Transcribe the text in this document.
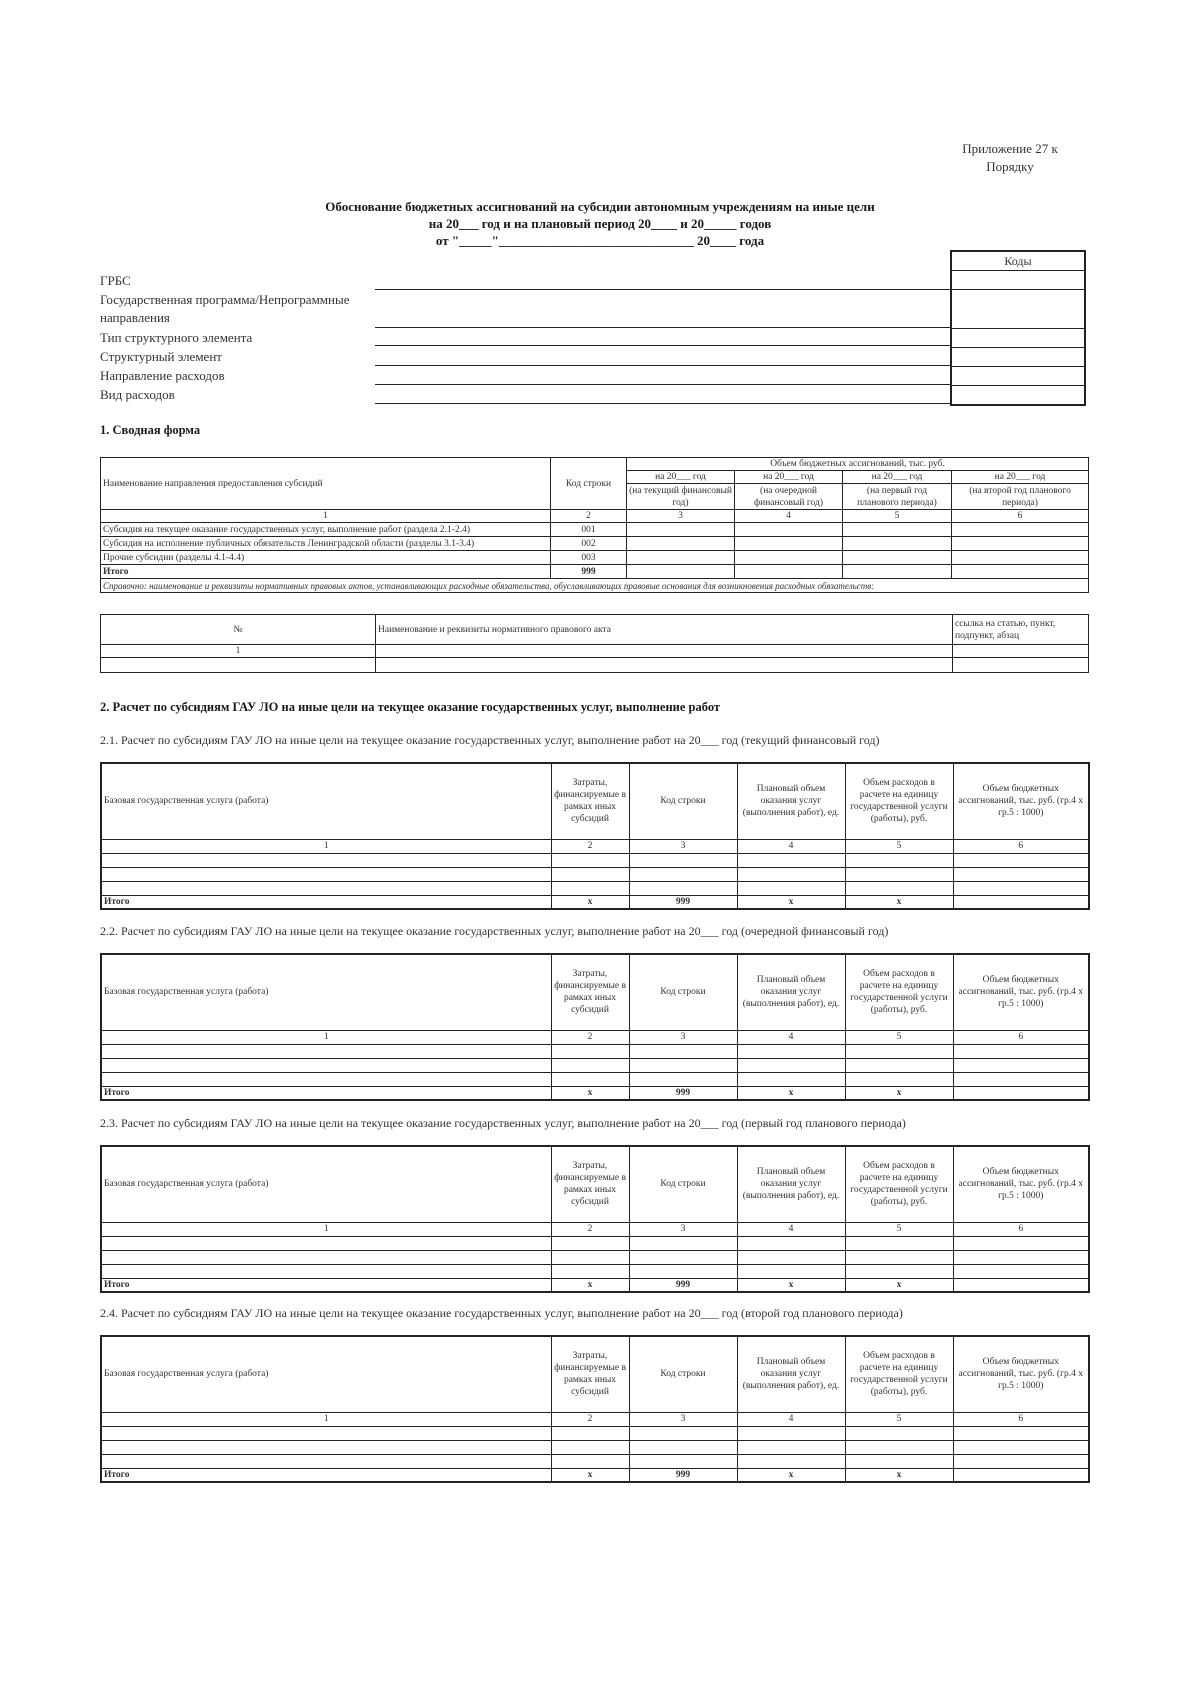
Приложение 27 к
Порядку
Обоснование бюджетных ассигнований на субсидии автономным учреждениям на иные цели
на 20___ год и на плановый период 20____ и 20_____ годов
от "_____"______________________________ 20____ года
ГРБС
Государственная программа/Непрограммные направления
Тип структурного элемента
Структурный элемент
Направление расходов
Вид расходов
Коды

1. Сводная форма
Наименование направления предоставления субсидий	Код строки	Объем бюджетных ассигнований, тыс. руб.			
		на 20___ год	на 20___ год	на 20___ год	на 20___ год
		(на текущий финансовый год)	(на очередной финансовый год)	(на первый год планового периода)	(на второй год планового периода)
1	2	3	4	5	6
Субсидия на текущее оказание государственных услуг, выполнение работ (раздела 2.1-2.4)	001				
Субсидия на исполнение публичных обязательств Ленинградской области (разделы 3.1-3.4)	002				
Прочие субсидии (разделы 4.1-4.4)	003				
Итого	999				
Справочно: наименование и реквизиты нормативных правовых актов, устанавливающих расходные обязательства, обуславливающих правовые основания для возникновения расходных обязательств:					
№	Наименование и реквизиты нормативного правового акта	ссылка на статью, пункт, подпункт, абзац
1		

2. Расчет по субсидиям ГАУ ЛО на иные цели на текущее оказание государственных услуг, выполнение работ
2.1. Расчет по субсидиям ГАУ ЛО на иные цели на текущее оказание государственных услуг, выполнение работ на 20___ год (текущий финансовый год)
Базовая государственная услуга (работа)	Затраты, финансируемые в рамках иных субсидий	Код строки	Плановый объем оказания услуг (выполнения работ), ед.	Объем расходов в расчете на единицу государственной услуги (работы), руб.	Объем бюджетных ассигнований, тыс. руб. (гр.4 х гр.5 : 1000)
1	2	3	4	5	6

Итого	х	999	х	х	
2.2. Расчет по субсидиям ГАУ ЛО на иные цели на текущее оказание государственных услуг, выполнение работ на 20___ год (очередной финансовый год)
Базовая государственная услуга (работа)	Затраты, финансируемые в рамках иных субсидий	Код строки	Плановый объем оказания услуг (выполнения работ), ед.	Объем расходов в расчете на единицу государственной услуги (работы), руб.	Объем бюджетных ассигнований, тыс. руб. (гр.4 х гр.5 : 1000)
1	2	3	4	5	6

Итого	х	999	х	х	
2.3. Расчет по субсидиям ГАУ ЛО на иные цели на текущее оказание государственных услуг, выполнение работ на 20___ год (первый год планового периода)
Базовая государственная услуга (работа)	Затраты, финансируемые в рамках иных субсидий	Код строки	Плановый объем оказания услуг (выполнения работ), ед.	Объем расходов в расчете на единицу государственной услуги (работы), руб.	Объем бюджетных ассигнований, тыс. руб. (гр.4 х гр.5 : 1000)
1	2	3	4	5	6

Итого	х	999	х	х	
2.4. Расчет по субсидиям ГАУ ЛО на иные цели на текущее оказание государственных услуг, выполнение работ на 20___ год (второй год планового периода)
Базовая государственная услуга (работа)	Затраты, финансируемые в рамках иных субсидий	Код строки	Плановый объем оказания услуг (выполнения работ), ед.	Объем расходов в расчете на единицу государственной услуги (работы), руб.	Объем бюджетных ассигнований, тыс. руб. (гр.4 х гр.5 : 1000)
1	2	3	4	5	6

Итого	х	999	х	х	
